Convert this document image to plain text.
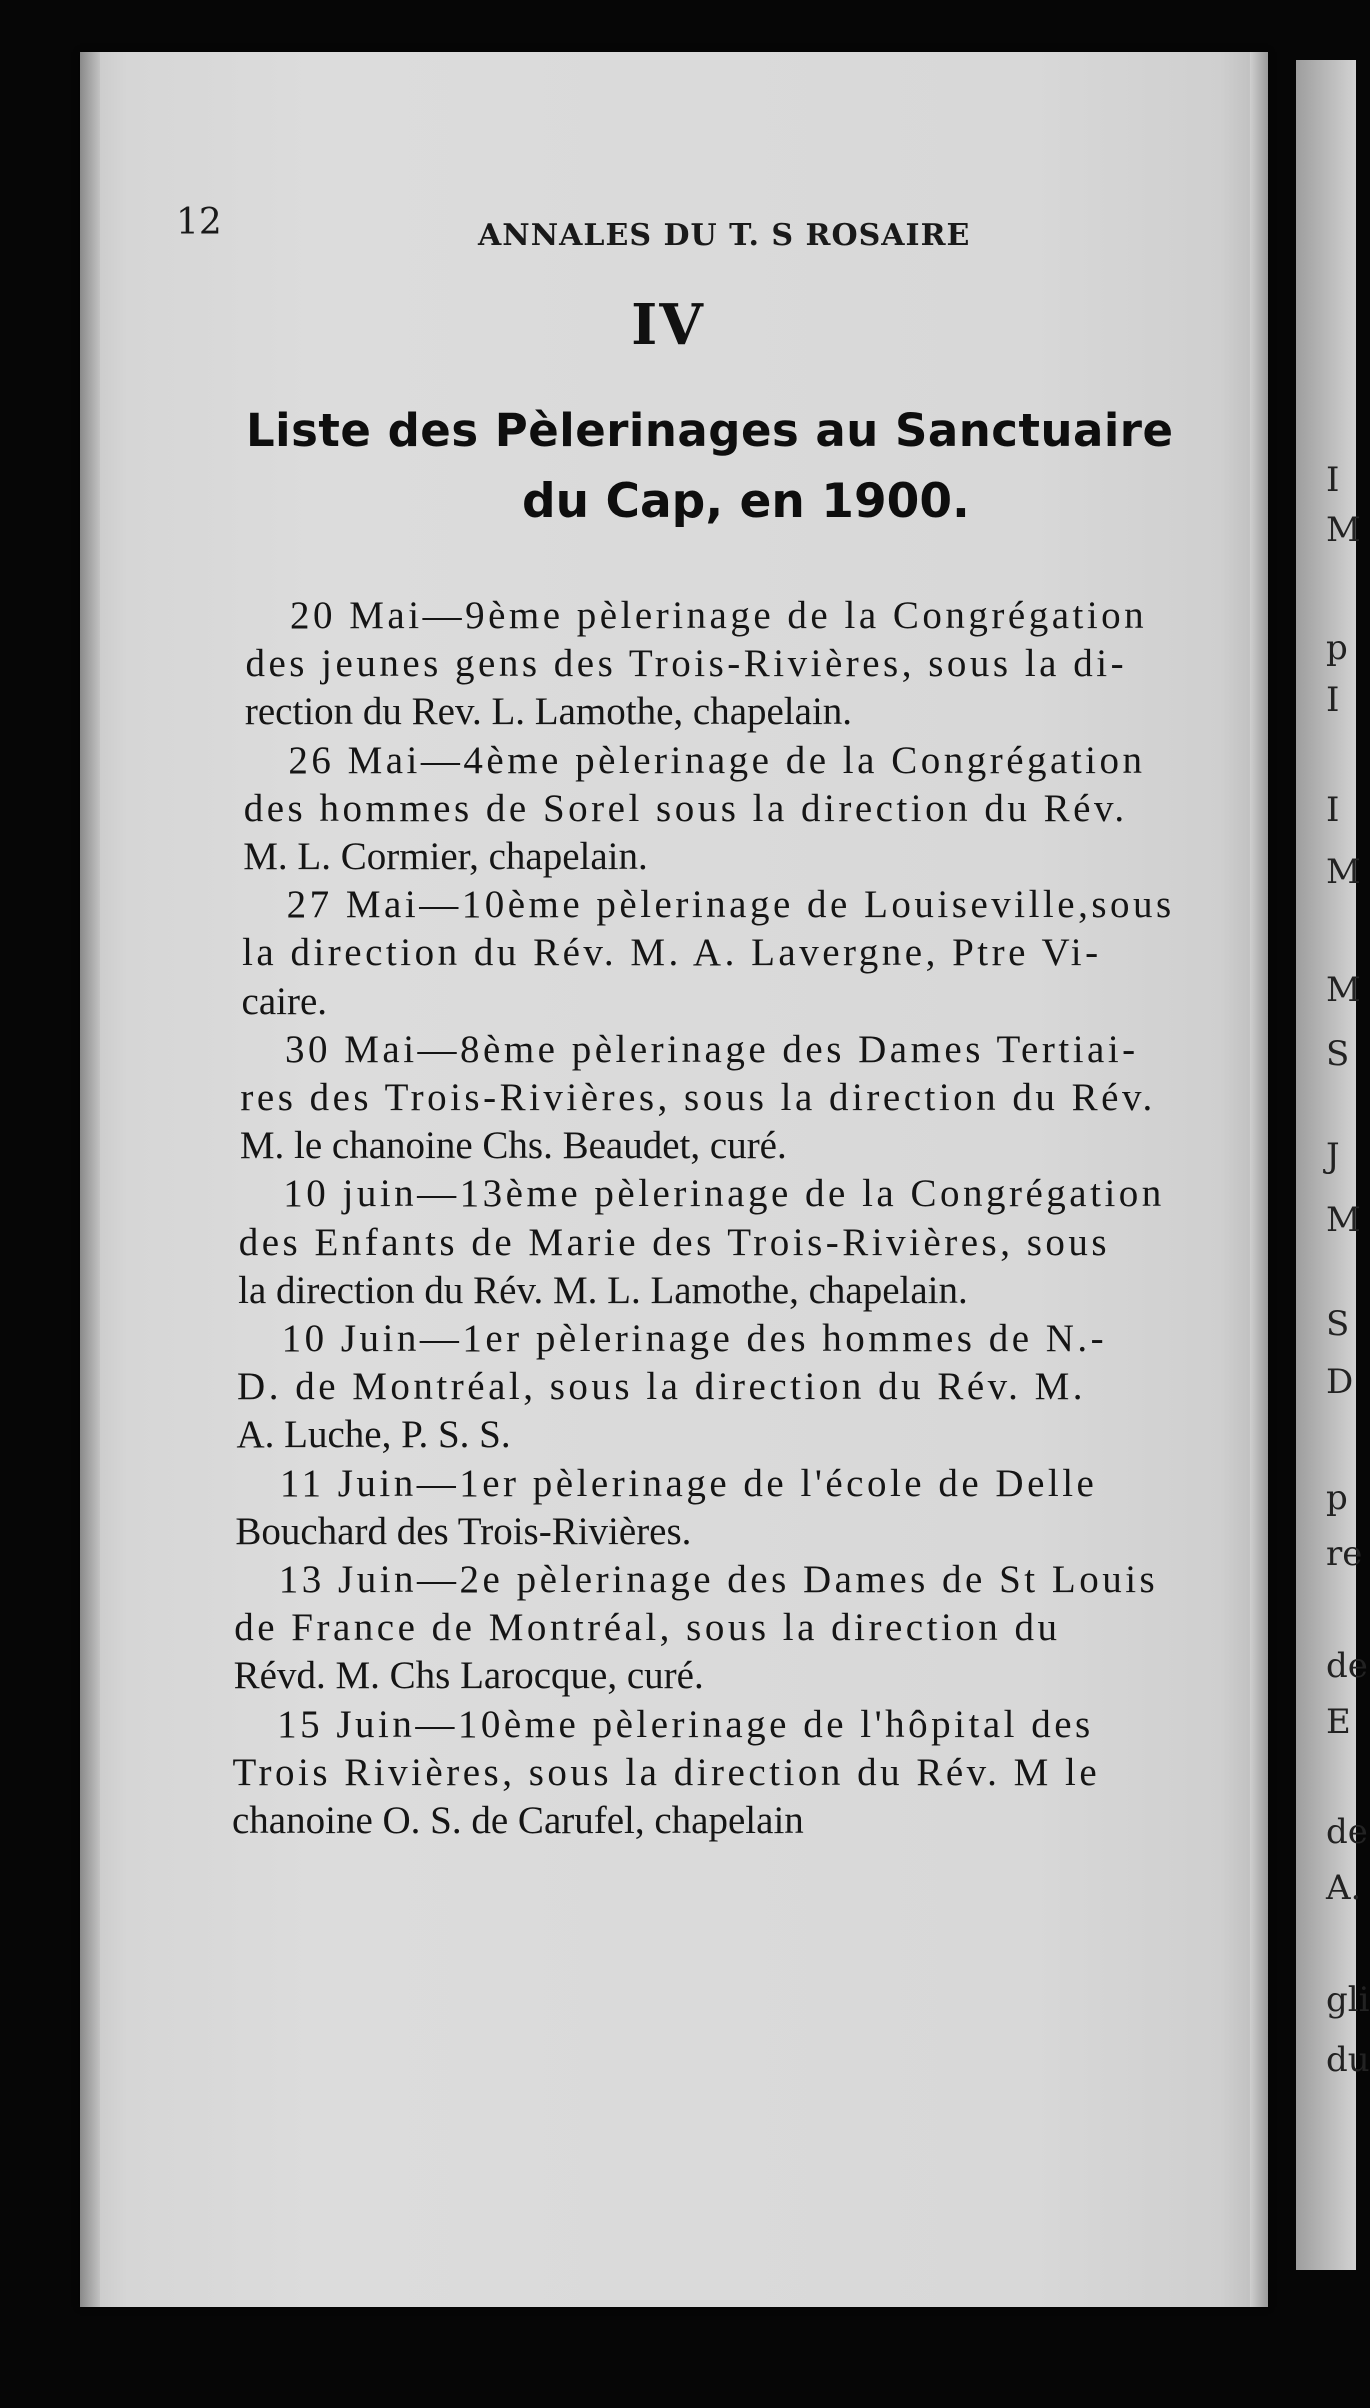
I
M
p
I
I
M
M
S
J
M
S
D
p
re
de
E
de
A.
gli
du
12	ANNALES DU T. S ROSAIRE
IV
Liste des Pèlerinages au Sanctuaire
du Cap, en 1900.
20 Mai—9ème pèlerinage de la Congrégation
des jeunes gens des Trois-Rivières, sous la di-
rection du Rev. L. Lamothe, chapelain.
26 Mai—4ème pèlerinage de la Congrégation
des hommes de Sorel sous la direction du Rév.
M. L. Cormier, chapelain.
27 Mai—10ème pèlerinage de Louiseville,sous
la direction du Rév. M. A. Lavergne, Ptre Vi-
caire.
30 Mai—8ème pèlerinage des Dames Tertiai-
res des Trois-Rivières, sous la direction du Rév.
M. le chanoine Chs. Beaudet, curé.
10 juin—13ème pèlerinage de la Congrégation
des Enfants de Marie des Trois-Rivières, sous
la direction du Rév. M. L. Lamothe, chapelain.
10 Juin—1er pèlerinage des hommes de N.-
D. de Montréal, sous la direction du Rév. M.
A. Luche, P. S. S.
11 Juin—1er pèlerinage de l'école de Delle
Bouchard des Trois-Rivières.
13 Juin—2e pèlerinage des Dames de St Louis
de France de Montréal, sous la direction du
Révd. M. Chs Larocque, curé.
15 Juin—10ème pèlerinage de l'hôpital des
Trois Rivières, sous la direction du Rév. M le
chanoine O. S. de Carufel, chapelain
